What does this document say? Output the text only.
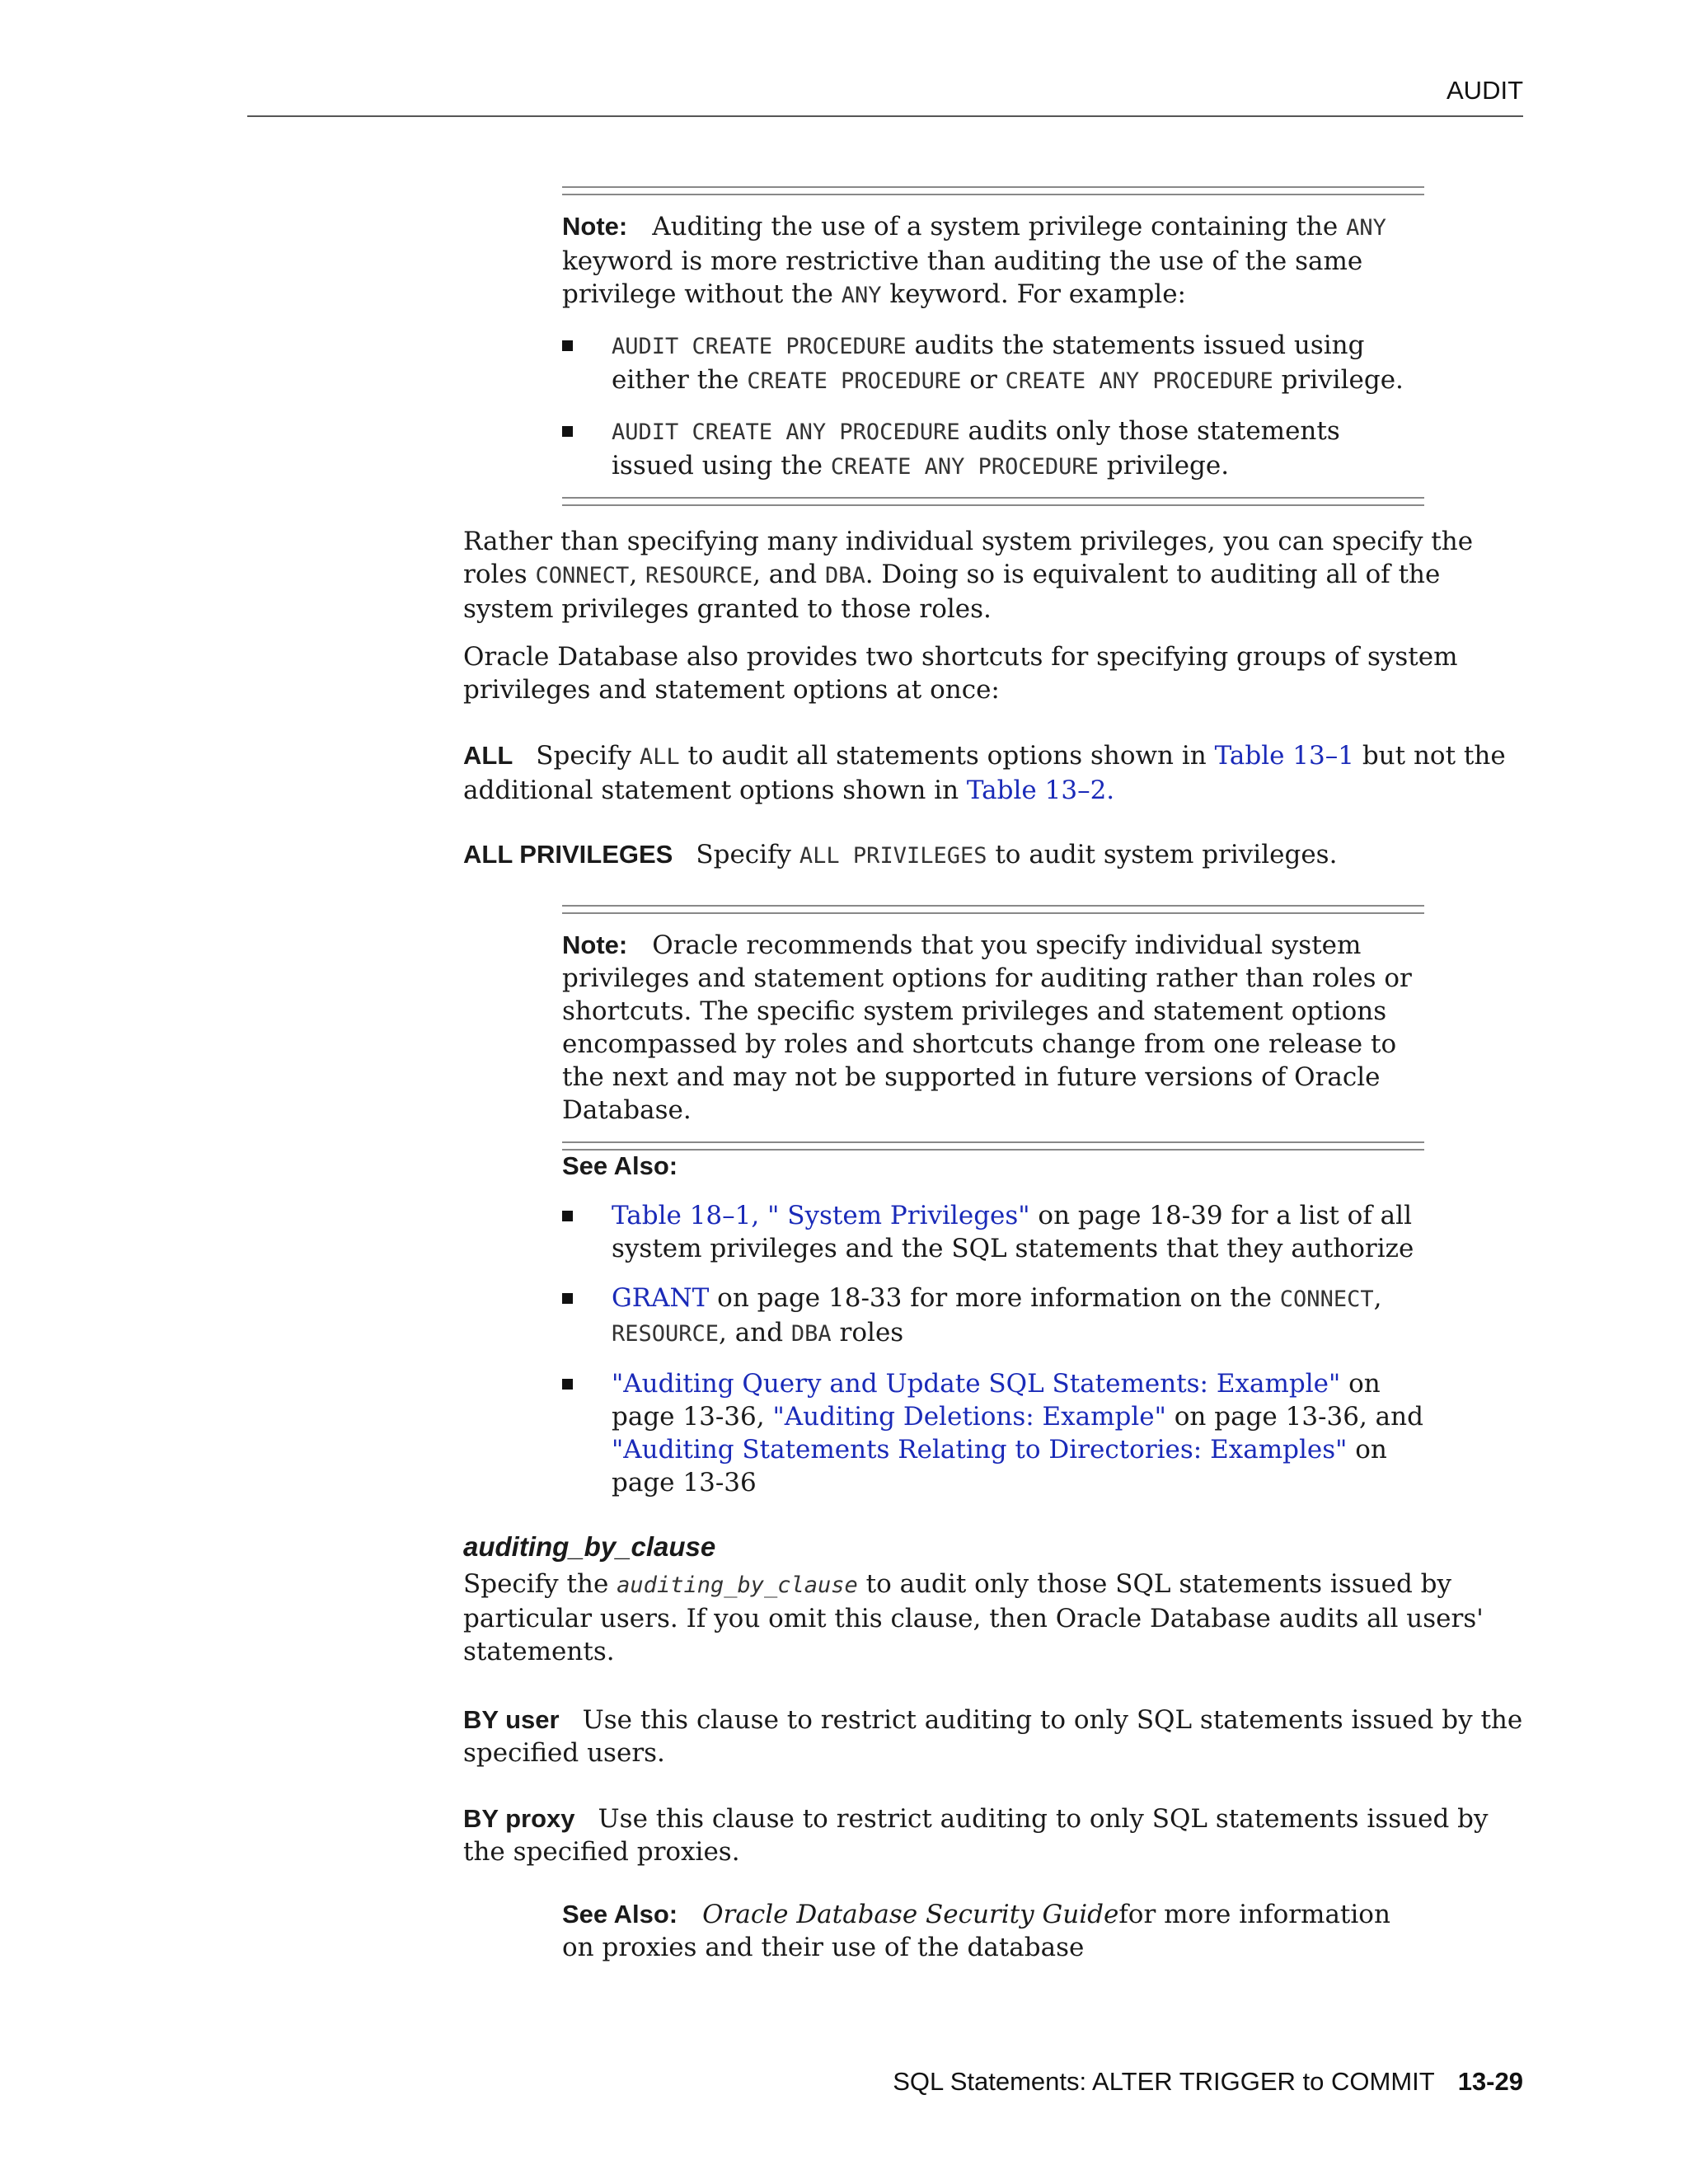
AUDIT

Note: Auditing the use of a system privilege containing the ANY keyword is more restrictive than auditing the use of the same privilege without the ANY keyword. For example:

AUDIT CREATE PROCEDURE audits the statements issued using either the CREATE PROCEDURE or CREATE ANY PROCEDURE privilege.
AUDIT CREATE ANY PROCEDURE audits only those statements issued using the CREATE ANY PROCEDURE privilege.

Rather than specifying many individual system privileges, you can specify the roles CONNECT, RESOURCE, and DBA. Doing so is equivalent to auditing all of the system privileges granted to those roles.

Oracle Database also provides two shortcuts for specifying groups of system privileges and statement options at once:

ALL Specify ALL to audit all statements options shown in Table 13–1 but not the additional statement options shown in Table 13–2.

ALL PRIVILEGES Specify ALL PRIVILEGES to audit system privileges.

Note: Oracle recommends that you specify individual system privileges and statement options for auditing rather than roles or shortcuts. The specific system privileges and statement options encompassed by roles and shortcuts change from one release to the next and may not be supported in future versions of Oracle Database.

See Also:
Table 18–1, " System Privileges" on page 18-39 for a list of all system privileges and the SQL statements that they authorize
GRANT on page 18-33 for more information on the CONNECT, RESOURCE, and DBA roles
"Auditing Query and Update SQL Statements: Example" on page 13-36, "Auditing Deletions: Example" on page 13-36, and "Auditing Statements Relating to Directories: Examples" on page 13-36
auditing_by_clause

Specify the auditing_by_clause to audit only those SQL statements issued by particular users. If you omit this clause, then Oracle Database audits all users' statements.

BY user Use this clause to restrict auditing to only SQL statements issued by the specified users.

BY proxy Use this clause to restrict auditing to only SQL statements issued by the specified proxies.

See Also: Oracle Database Security Guidefor more information on proxies and their use of the database

SQL Statements: ALTER TRIGGER to COMMIT 13-29
